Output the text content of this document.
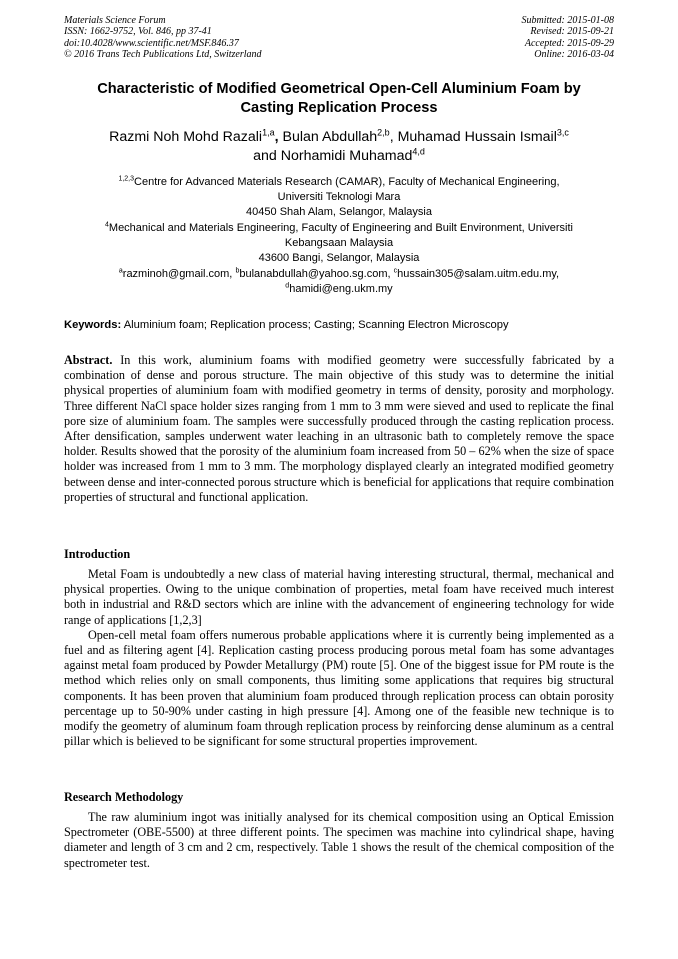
Materials Science Forum
ISSN: 1662-9752, Vol. 846, pp 37-41
doi:10.4028/www.scientific.net/MSF.846.37
© 2016 Trans Tech Publications Ltd, Switzerland
Submitted: 2015-01-08
Revised: 2015-09-21
Accepted: 2015-09-29
Online: 2016-03-04
Characteristic of Modified Geometrical Open-Cell Aluminium Foam by
Casting Replication Process
Razmi Noh Mohd Razali$^{1,a}$, Bulan Abdullah$^{2,b}$, Muhamad Hussain Ismail$^{3,c}$
and Norhamidi Muhamad$^{4,d}$
$^{1,2,3}$Centre for Advanced Materials Research (CAMAR), Faculty of Mechanical Engineering,
Universiti Teknologi Mara
40450 Shah Alam, Selangor, Malaysia
$^4$Mechanical and Materials Engineering, Faculty of Engineering and Built Environment, Universiti
Kebangsaan Malaysia
43600 Bangi, Selangor, Malaysia
$^a$razminoh@gmail.com, $^b$bulanabdullah@yahoo.sg.com, $^c$hussain305@salam.uitm.edu.my,
$^d$hamidi@eng.ukm.my
Keywords: Aluminium foam; Replication process; Casting; Scanning Electron Microscopy
Abstract. In this work, aluminium foams with modified geometry were successfully fabricated by a combination of dense and porous structure. The main objective of this study was to determine the initial physical properties of aluminium foam with modified geometry in terms of density, porosity and morphology. Three different NaCl space holder sizes ranging from 1 mm to 3 mm were sieved and used to replicate the final pore size of aluminium foam. The samples were successfully produced through the casting replication process. After densification, samples underwent water leaching in an ultrasonic bath to completely remove the space holder. Results showed that the porosity of the aluminium foam increased from 50 – 62% when the size of space holder was increased from 1 mm to 3 mm. The morphology displayed clearly an integrated modified geometry between dense and inter-connected porous structure which is beneficial for applications that require combination properties of structural and functional application.
Introduction

Metal Foam is undoubtedly a new class of material having interesting structural, thermal, mechanical and physical properties. Owing to the unique combination of properties, metal foam have received much interest both in industrial and R&D sectors which are inline with the advancement of engineering technology for wide range of applications [1,2,3]

Open-cell metal foam offers numerous probable applications where it is currently being implemented as a fuel and as filtering agent [4]. Replication casting process producing porous metal foam has some advantages against metal foam produced by Powder Metallurgy (PM) route [5]. One of the biggest issue for PM route is the method which relies only on small components, thus limiting some applications that requires big structural components. It has been proven that aluminium foam produced through replication process can obtain porosity percentage up to 50-90% under casting in high pressure [4]. Among one of the feasible new technique is to modify the geometry of aluminum foam through replication process by reinforcing dense aluminum as a central pillar which is believed to be significant for some structural properties improvement.

Research Methodology

The raw aluminium ingot was initially analysed for its chemical composition using an Optical Emission Spectrometer (OBE-5500) at three different points. The specimen was machine into cylindrical shape, having diameter and length of 3 cm and 2 cm, respectively. Table 1 shows the result of the chemical composition of the spectrometer test.
